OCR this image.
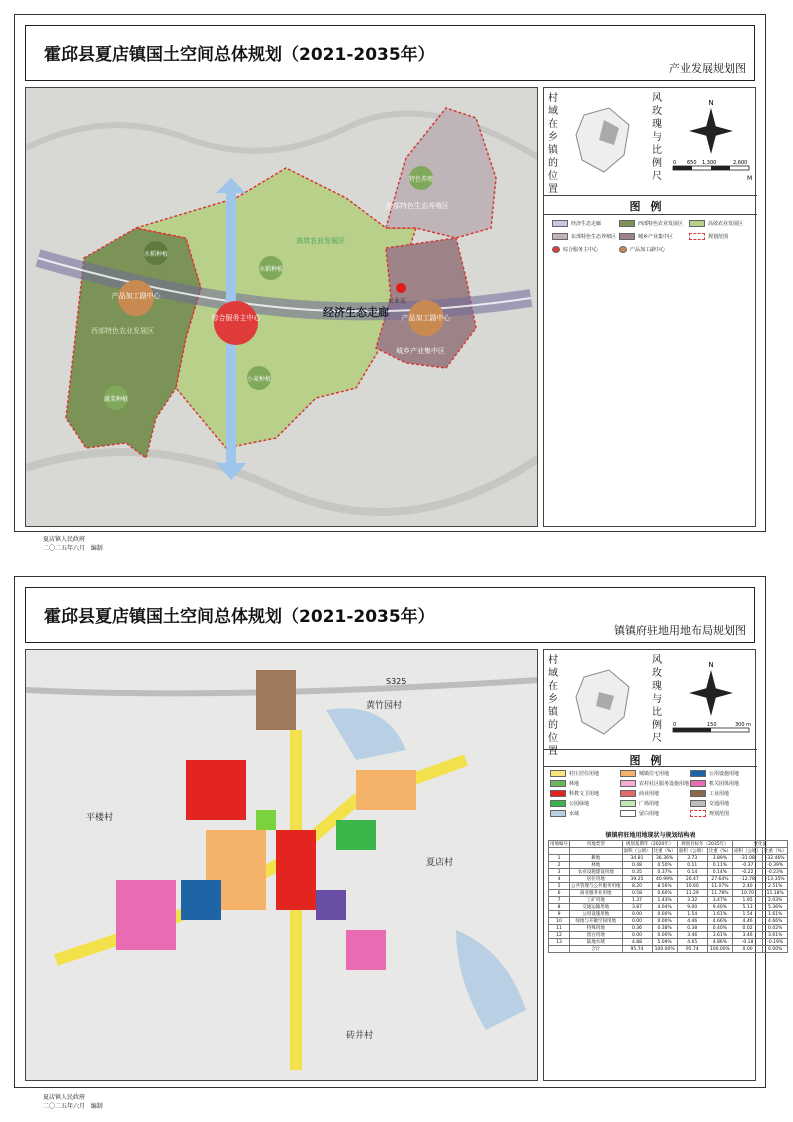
霍邱县夏店镇国土空间总体规划（2021-2035年）
产业发展规划图
综合服务主中心
产品加工副中心
产品加工副中心
经济生态走廊
西部特色农业发展区
高效农业发展区
东部特色生态养殖区
城乡产业集中区
水稻种植
水稻种植
蔬菜种植
小麦种植
特色养殖
农业东
村域在乡镇的位置
风玫瑰与比例尺
N
0 650 1,300	2,600
M
图例
经济生态走廊	西部特色农业发展区	高效农业发展区
东部特色生态养殖区	城乡产业集中区	规划范围
综合服务主中心	产品加工副中心
夏店镇人民政府
二〇二五年六月 编制
霍邱县夏店镇国土空间总体规划（2021-2035年）
镇镇府驻地用地布局规划图
S325
黄竹园村
平楼村
夏店村
砖井村
村域在乡镇的位置
风玫瑰与比例尺
N
0	150	300 m
图例
村庄居住用地	城镇住宅用地	公用设施用地
林地	农村社区服务设施用地	机关团体用地
科教文卫用地	商业用地	工业用地
公园绿地	广场用地	交通用地
水域	留白用地	规划范围
镇镇府驻地用地现状与规划结构表
用地编号	用地类型	规划基期年（2020年）		规划目标年（2035年）		变化量	
		面积（公顷）	比重（%）	面积（公顷）	比重（%）	面积（公顷）	比重（%）
1	耕地	34.81	36.36%	3.73	3.89%	-31.08	-32.46%
2	林地	0.48	0.50%	0.11	0.11%	-0.37	-0.39%
3	农业设施建设用地	0.35	0.37%	0.14	0.14%	-0.22	-0.23%
4	居住用地	39.25	40.99%	26.47	27.64%	-12.78	-13.35%
5	公共管理与公共服务用地	8.20	8.56%	10.60	11.07%	2.40	2.51%
6	商业服务业用地	0.58	0.60%	11.29	11.78%	10.70	11.18%
7	工矿用地	1.37	1.43%	3.32	3.47%	1.95	2.03%
8	交通运输用地	3.87	4.04%	9.00	9.40%	5.13	5.36%
9	公用设施用地	0.00	0.00%	1.54	1.61%	1.54	1.61%
10	绿地与开敞空间用地	0.00	0.00%	4.46	4.66%	4.46	4.66%
11	特殊用地	0.36	0.38%	0.38	0.40%	0.02	0.02%
12	留白用地	0.00	0.00%	3.46	3.61%	3.46	3.61%
13	陆地水域	4.88	5.09%	4.65	4.86%	-0.18	-0.19%
	合计	95.74	100.00%	95.74	100.00%	0.00	0.00%
夏店镇人民政府
二〇二五年六月 编制
